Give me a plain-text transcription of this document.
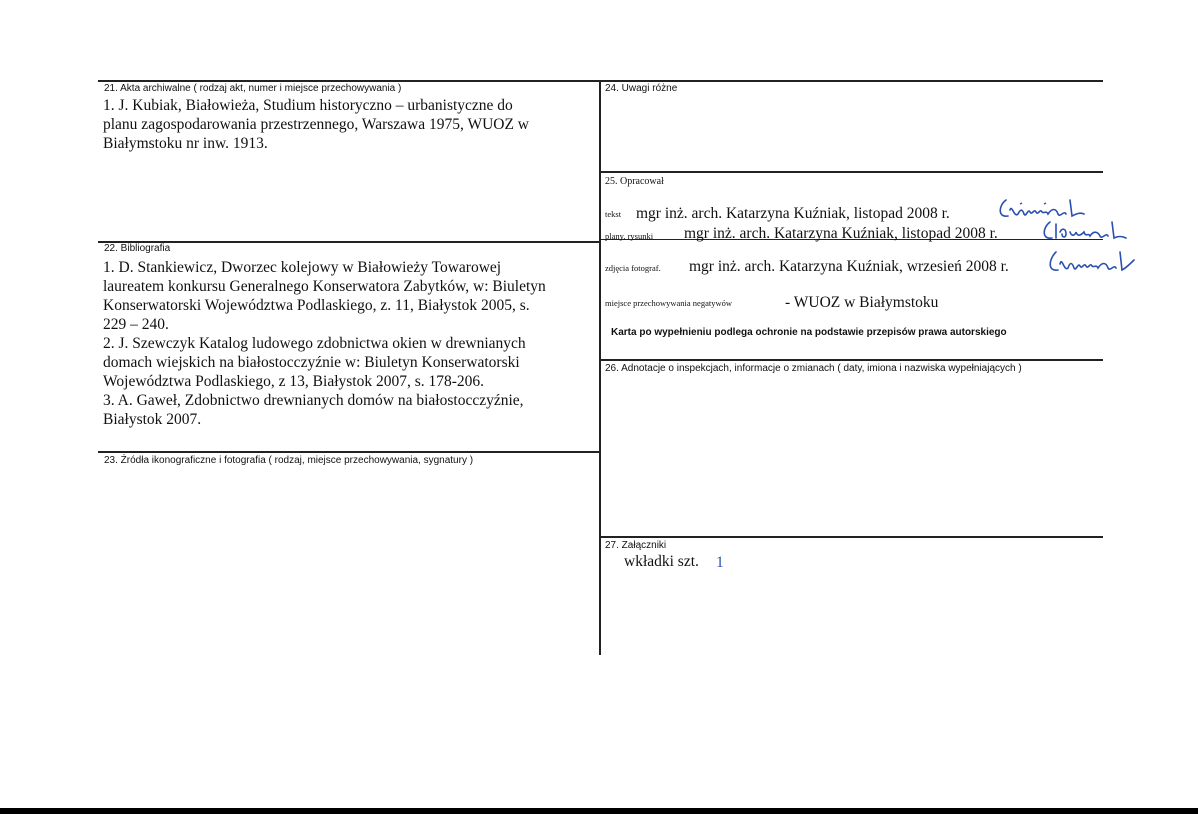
21. Akta archiwalne ( rodzaj akt, numer i miejsce przechowywania )

1. J. Kubiak, Białowieża, Studium historyczno – urbanistyczne do

planu zagospodarowania przestrzennego, Warszawa 1975, WUOZ w

Białymstoku nr inw. 1913.

22. Bibliografia

1. D. Stankiewicz, Dworzec kolejowy w Białowieży Towarowej

laureatem konkursu Generalnego Konserwatora Zabytków, w: Biuletyn

Konserwatorski Województwa Podlaskiego, z. 11, Białystok 2005, s.

229 – 240.

2. J. Szewczyk Katalog ludowego zdobnictwa okien w drewnianych

domach wiejskich na białostocczyźnie w: Biuletyn Konserwatorski

Województwa Podlaskiego, z 13, Białystok 2007, s. 178-206.

3. A. Gaweł, Zdobnictwo drewnianych domów na białostocczyźnie,

Białystok 2007.

23. Źródła ikonograficzne i fotografia ( rodzaj, miejsce przechowywania, sygnatury )
24. Uwagi różne
25. Opracował
tekst mgr inż. arch. Katarzyna Kuźniak, listopad 2008 r.
plany, rysunki mgr inż. arch. Katarzyna Kuźniak, listopad 2008 r.
zdjęcia fotograf. mgr inż. arch. Katarzyna Kuźniak, wrzesień 2008 r.
miejsce przechowywania negatywów	- WUOZ w Białymstoku
Karta po wypełnieniu podlega ochronie na podstawie przepisów prawa autorskiego
26. Adnotacje o inspekcjach, informacje o zmianach ( daty, imiona i nazwiska wypełniających )
27. Załączniki
wkładki szt. 1
